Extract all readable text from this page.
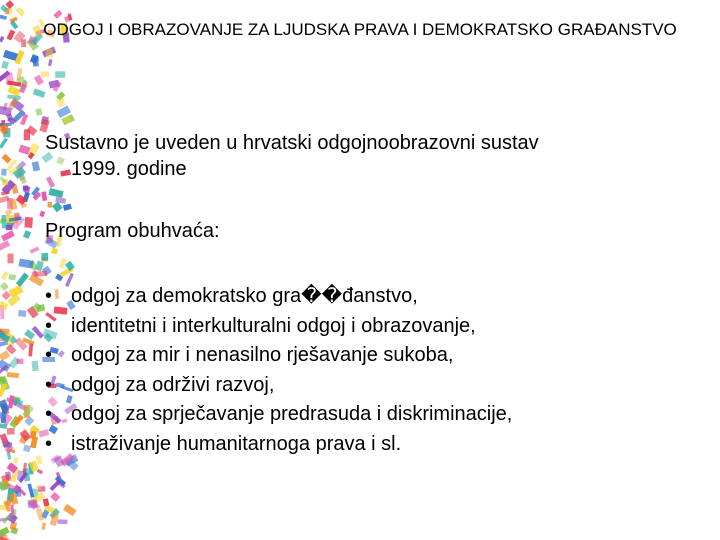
ODGOJ I OBRAZOVANJE ZA LJUDSKA PRAVA I DEMOKRATSKO GRAĐANSTVO
Sustavno je uveden u hrvatski odgojnoobrazovni sustav
1999. godine
Program obuhvaća:
• odgoj za demokratsko gra��đanstvo,
• identitetni i interkulturalni odgoj i obrazovanje,
• odgoj za mir i nenasilno rješavanje sukoba,
• odgoj za održivi razvoj,
• odgoj za sprječavanje predrasuda i diskriminacije,
• istraživanje humanitarnoga prava i sl.
